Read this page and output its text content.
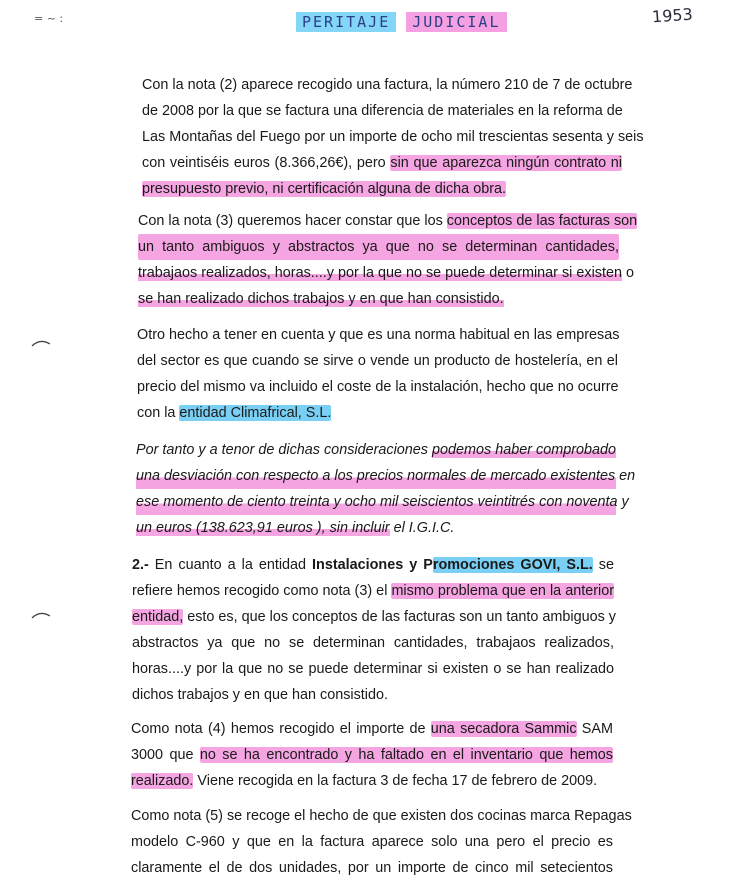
PERITAJE JUDICIAL	1953
= ~ :
Con la nota (2) aparece recogido una factura, la número 210 de 7 de octubre
de 2008 por la que se factura una diferencia de materiales en la reforma de
Las Montañas del Fuego por un importe de ocho mil trescientas sesenta y seis
con veintiséis euros (8.366,26€), pero sin que aparezca ningún contrato ni
presupuesto previo, ni certificación alguna de dicha obra.
Con la nota (3) queremos hacer constar que los conceptos de las facturas son
un tanto ambiguos y abstractos ya que no se determinan cantidades,
trabajaos realizados, horas....y por la que no se puede determinar si existen o
se han realizado dichos trabajos y en que han consistido.
Otro hecho a tener en cuenta y que es una norma habitual en las empresas
del sector es que cuando se sirve o vende un producto de hostelería, en el
precio del mismo va incluido el coste de la instalación, hecho que no ocurre
con la entidad Climafrical, S.L.
Por tanto y a tenor de dichas consideraciones podemos haber comprobado
una desviación con respecto a los precios normales de mercado existentes en
ese momento de ciento treinta y ocho mil seiscientos veintitrés con noventa y
un euros (138.623,91 euros ), sin incluir el I.G.I.C.
2.- En cuanto a la entidad Instalaciones y Promociones GOVI, S.L. se
refiere hemos recogido como nota (3) el mismo problema que en la anterior
entidad, esto es, que los conceptos de las facturas son un tanto ambiguos y
abstractos ya que no se determinan cantidades, trabajaos realizados,
horas....y por la que no se puede determinar si existen o se han realizado
dichos trabajos y en que han consistido.
Como nota (4) hemos recogido el importe de una secadora Sammic SAM
3000 que no se ha encontrado y ha faltado en el inventario que hemos
realizado. Viene recogida en la factura 3 de fecha 17 de febrero de 2009.
Como nota (5) se recoge el hecho de que existen dos cocinas marca Repagas
modelo C-960 y que en la factura aparece solo una pero el precio es
claramente el de dos unidades, por un importe de cinco mil setecientos
